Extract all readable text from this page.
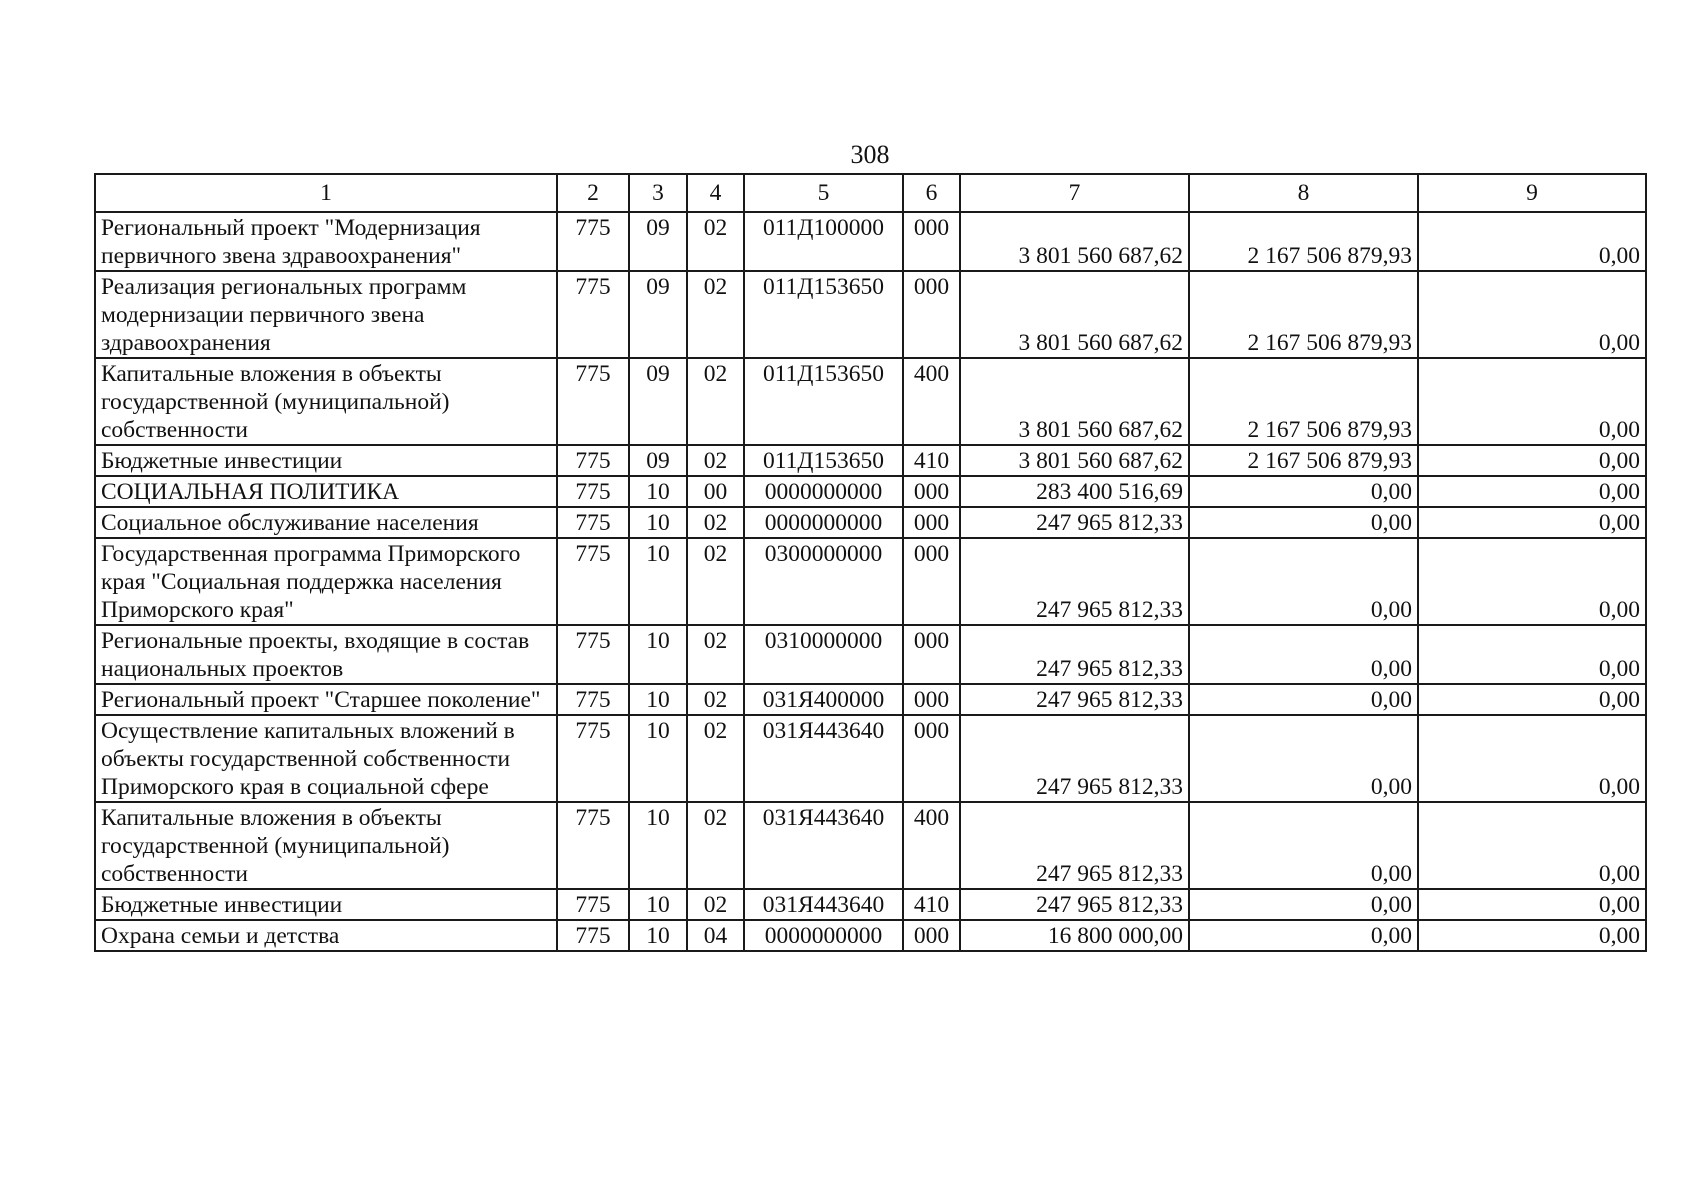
308
1	2	3	4	5	6	7	8	9
Региональный проект "Модернизация первичного звена здравоохранения"	775	09	02	011Д100000	000	3 801 560 687,62	2 167 506 879,93	0,00
Реализация региональных программ модернизации первичного звена здравоохранения	775	09	02	011Д153650	000	3 801 560 687,62	2 167 506 879,93	0,00
Капитальные вложения в объекты государственной (муниципальной) собственности	775	09	02	011Д153650	400	3 801 560 687,62	2 167 506 879,93	0,00
Бюджетные инвестиции	775	09	02	011Д153650	410	3 801 560 687,62	2 167 506 879,93	0,00
СОЦИАЛЬНАЯ ПОЛИТИКА	775	10	00	0000000000	000	283 400 516,69	0,00	0,00
Социальное обслуживание населения	775	10	02	0000000000	000	247 965 812,33	0,00	0,00
Государственная программа Приморского края "Социальная поддержка населения Приморского края"	775	10	02	0300000000	000	247 965 812,33	0,00	0,00
Региональные проекты, входящие в состав национальных проектов	775	10	02	0310000000	000	247 965 812,33	0,00	0,00
Региональный проект "Старшее поколение"	775	10	02	031Я400000	000	247 965 812,33	0,00	0,00
Осуществление капитальных вложений в объекты государственной собственности Приморского края в социальной сфере	775	10	02	031Я443640	000	247 965 812,33	0,00	0,00
Капитальные вложения в объекты государственной (муниципальной) собственности	775	10	02	031Я443640	400	247 965 812,33	0,00	0,00
Бюджетные инвестиции	775	10	02	031Я443640	410	247 965 812,33	0,00	0,00
Охрана семьи и детства	775	10	04	0000000000	000	16 800 000,00	0,00	0,00
